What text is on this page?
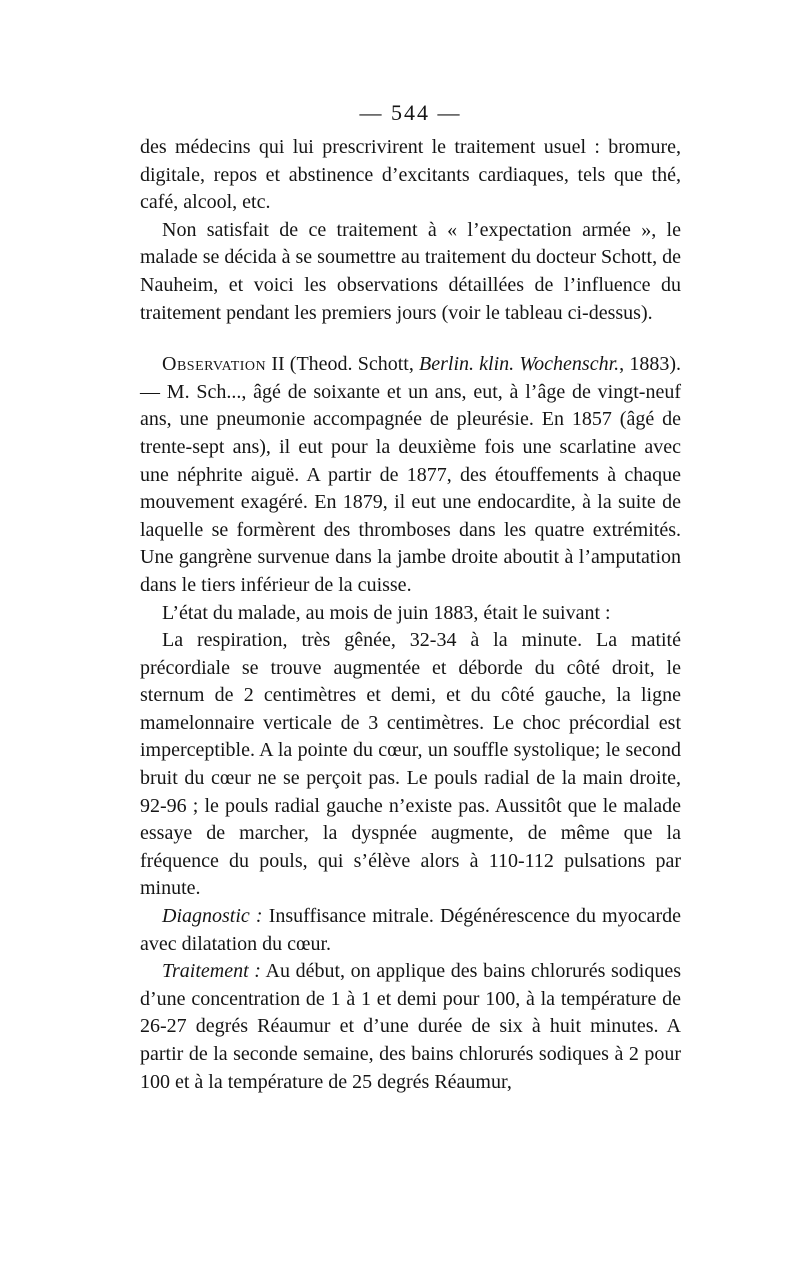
— 544 —

des médecins qui lui prescrivirent le traitement usuel : bromure, digitale, repos et abstinence d’excitants cardiaques, tels que thé, café, alcool, etc.

Non satisfait de ce traitement à « l’expectation armée », le malade se décida à se soumettre au traitement du docteur Schott, de Nauheim, et voici les observations détaillées de l’influence du traitement pendant les premiers jours (voir le tableau ci-dessus).

Observation II (Theod. Schott, Berlin. klin. Wochenschr., 1883).— M. Sch..., âgé de soixante et un ans, eut, à l’âge de vingt-neuf ans, une pneumonie accompagnée de pleurésie. En 1857 (âgé de trente-sept ans), il eut pour la deuxième fois une scarlatine avec une néphrite aiguë. A partir de 1877, des étouffements à chaque mouvement exagéré. En 1879, il eut une endocardite, à la suite de laquelle se formèrent des thromboses dans les quatre extrémités. Une gangrène survenue dans la jambe droite aboutit à l’amputation dans le tiers inférieur de la cuisse.

L’état du malade, au mois de juin 1883, était le suivant :

La respiration, très gênée, 32-34 à la minute. La matité précordiale se trouve augmentée et déborde du côté droit, le sternum de 2 centimètres et demi, et du côté gauche, la ligne mamelonnaire verticale de 3 centimètres. Le choc précordial est imperceptible. A la pointe du cœur, un souffle systolique; le second bruit du cœur ne se perçoit pas. Le pouls radial de la main droite, 92-96 ; le pouls radial gauche n’existe pas. Aussitôt que le malade essaye de marcher, la dyspnée augmente, de même que la fréquence du pouls, qui s’élève alors à 110-112 pulsations par minute.

Diagnostic : Insuffisance mitrale. Dégénérescence du myocarde avec dilatation du cœur.

Traitement : Au début, on applique des bains chlorurés sodiques d’une concentration de 1 à 1 et demi pour 100, à la température de 26-27 degrés Réaumur et d’une durée de six à huit minutes. A partir de la seconde semaine, des bains chlorurés sodiques à 2 pour 100 et à la température de 25 degrés Réaumur,
